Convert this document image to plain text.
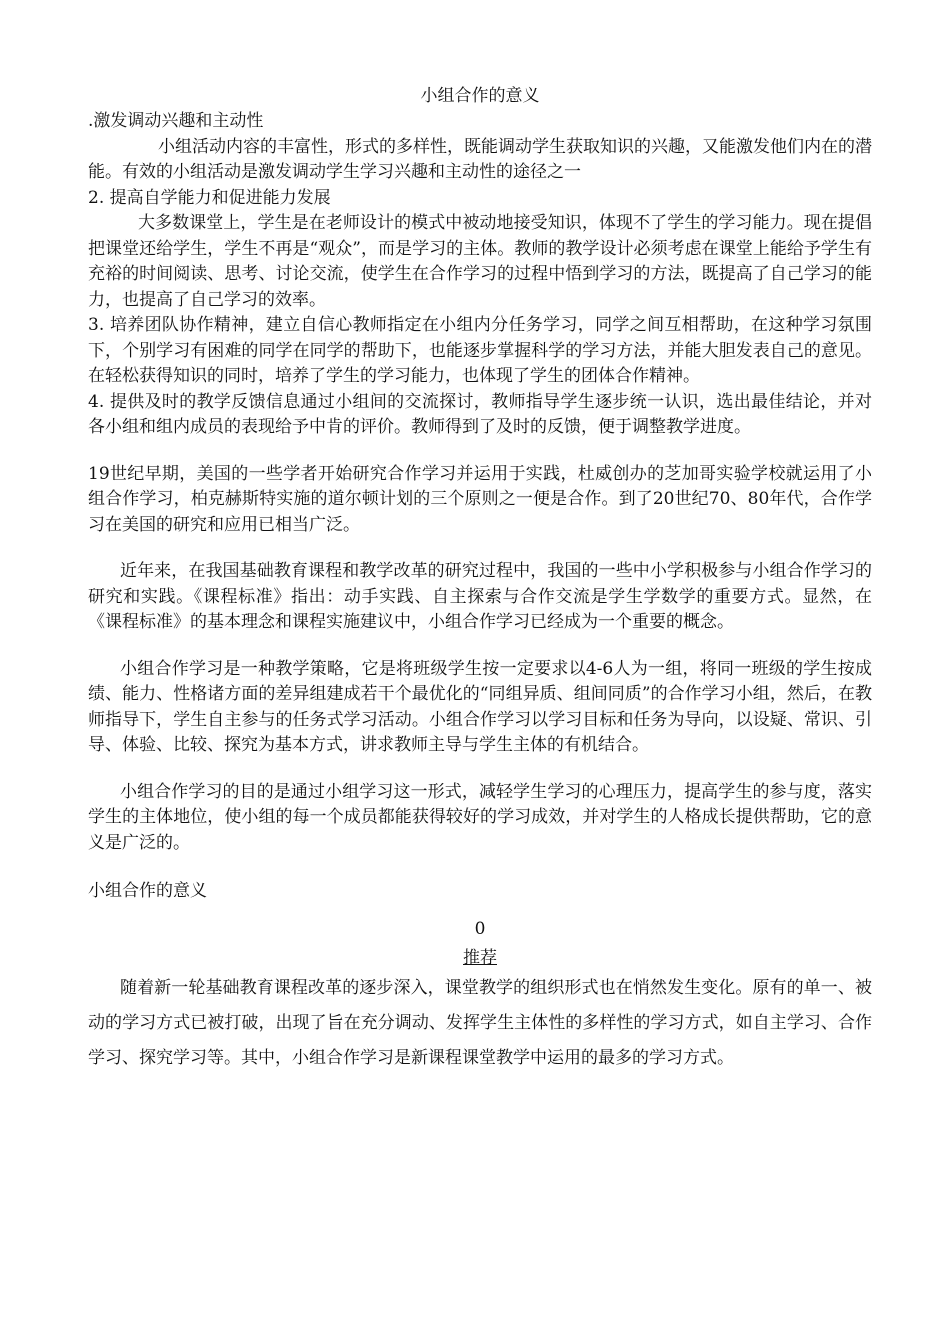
小组合作的意义

.激发调动兴趣和主动性

小组活动内容的丰富性，形式的多样性，既能调动学生获取知识的兴趣，又能激发他们内在的潜能。有效的小组活动是激发调动学生学习兴趣和主动性的途径之一

2. 提高自学能力和促进能力发展

大多数课堂上，学生是在老师设计的模式中被动地接受知识，体现不了学生的学习能力。现在提倡把课堂还给学生，学生不再是“观众”，而是学习的主体。教师的教学设计必须考虑在课堂上能给予学生有充裕的时间阅读、思考、讨论交流，使学生在合作学习的过程中悟到学习的方法，既提高了自己学习的能力，也提高了自己学习的效率。

3. 培养团队协作精神，建立自信心教师指定在小组内分任务学习，同学之间互相帮助，在这种学习氛围下，个别学习有困难的同学在同学的帮助下，也能逐步掌握科学的学习方法，并能大胆发表自己的意见。在轻松获得知识的同时，培养了学生的学习能力，也体现了学生的团体合作精神。

4. 提供及时的教学反馈信息通过小组间的交流探讨，教师指导学生逐步统一认识，选出最佳结论，并对各小组和组内成员的表现给予中肯的评价。教师得到了及时的反馈，便于调整教学进度。

19世纪早期，美国的一些学者开始研究合作学习并运用于实践，杜威创办的芝加哥实验学校就运用了小组合作学习，柏克赫斯特实施的道尔顿计划的三个原则之一便是合作。到了20世纪70、80年代，合作学习在美国的研究和应用已相当广泛。

近年来，在我国基础教育课程和教学改革的研究过程中，我国的一些中小学积极参与小组合作学习的研究和实践。《课程标准》指出：动手实践、自主探索与合作交流是学生学数学的重要方式。显然，在《课程标准》的基本理念和课程实施建议中，小组合作学习已经成为一个重要的概念。

小组合作学习是一种教学策略，它是将班级学生按一定要求以4-6人为一组，将同一班级的学生按成绩、能力、性格诸方面的差异组建成若干个最优化的“同组异质、组间同质”的合作学习小组，然后，在教师指导下，学生自主参与的任务式学习活动。小组合作学习以学习目标和任务为导向，以设疑、常识、引导、体验、比较、探究为基本方式，讲求教师主导与学生主体的有机结合。

小组合作学习的目的是通过小组学习这一形式，减轻学生学习的心理压力，提高学生的参与度，落实学生的主体地位，使小组的每一个成员都能获得较好的学习成效，并对学生的人格成长提供帮助，它的意义是广泛的。

小组合作的意义

0

推荐

随着新一轮基础教育课程改革的逐步深入，课堂教学的组织形式也在悄然发生变化。原有的单一、被动的学习方式已被打破，出现了旨在充分调动、发挥学生主体性的多样性的学习方式，如自主学习、合作学习、探究学习等。其中，小组合作学习是新课程课堂教学中运用的最多的学习方式。
